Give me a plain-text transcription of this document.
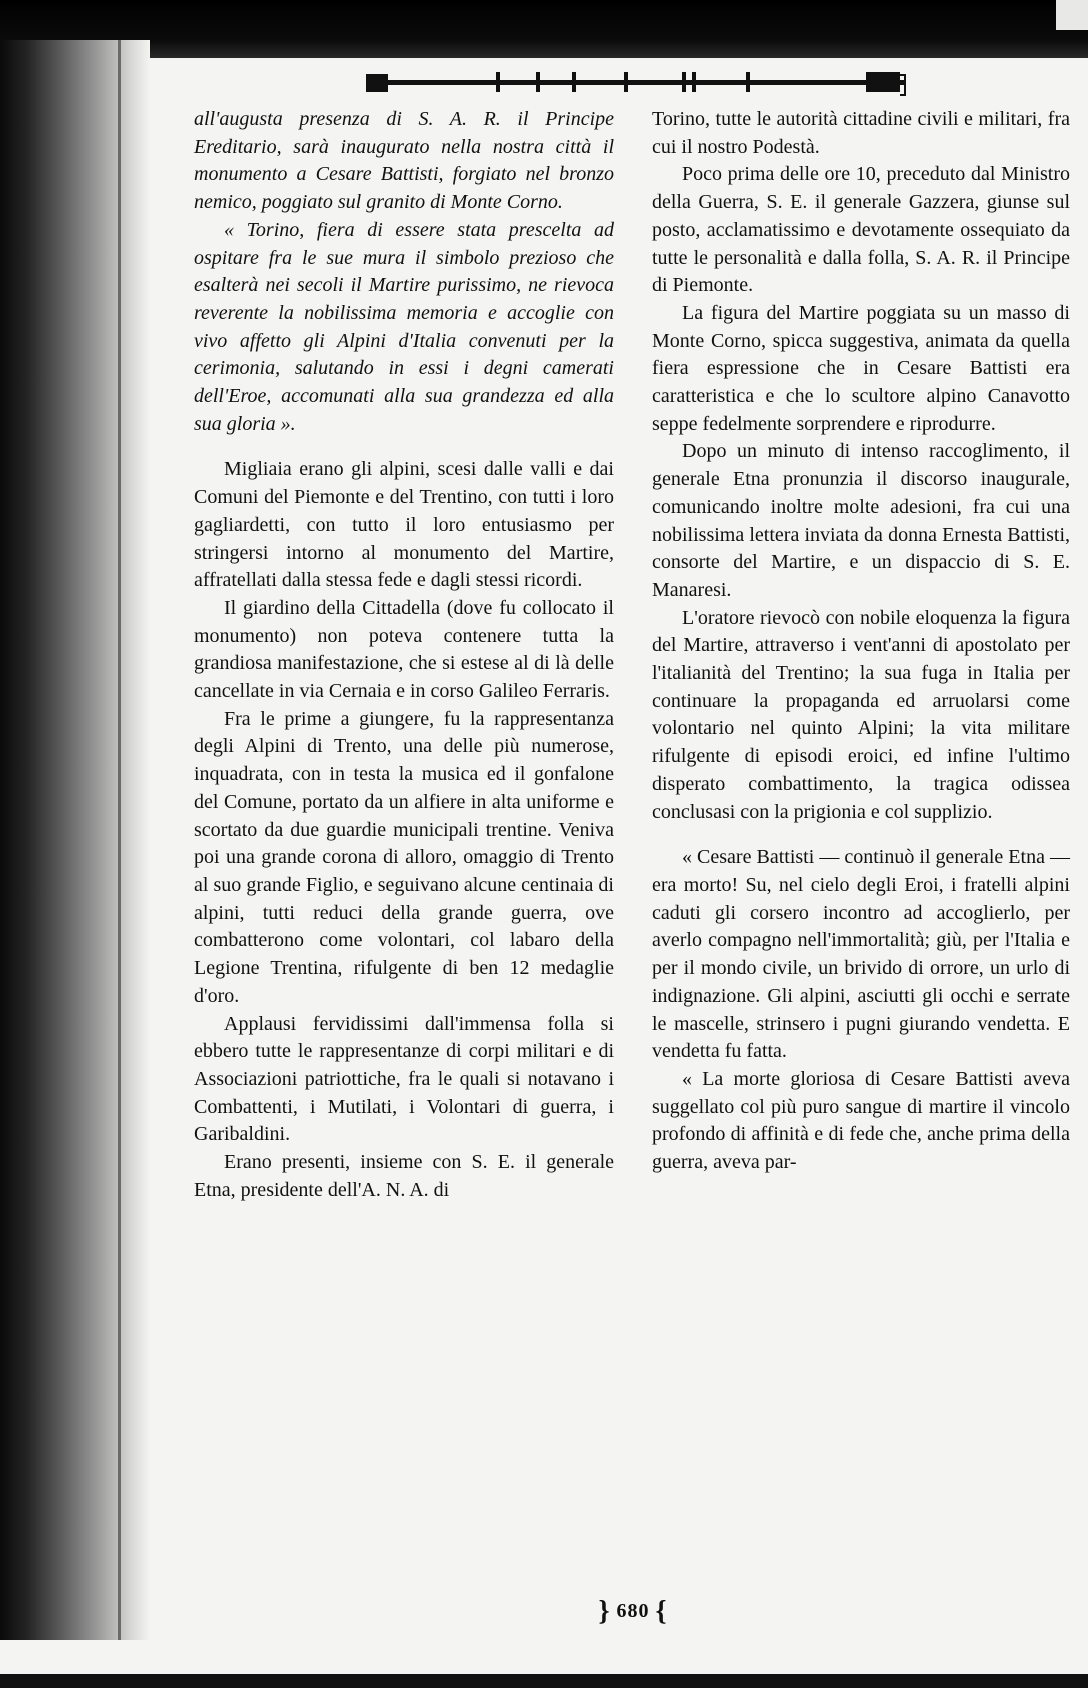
all'augusta presenza di S. A. R. il Principe Ereditario, sarà inaugurato nella nostra città il monumento a Cesare Battisti, forgiato nel bronzo nemico, poggiato sul granito di Monte Corno.

« Torino, fiera di essere stata prescelta ad ospitare fra le sue mura il simbolo prezioso che esalterà nei secoli il Martire purissimo, ne rievoca reverente la nobilissima memoria e accoglie con vivo affetto gli Alpini d'Italia convenuti per la cerimonia, salutando in essi i degni camerati dell'Eroe, accomunati alla sua grandezza ed alla sua gloria ».

Migliaia erano gli alpini, scesi dalle valli e dai Comuni del Piemonte e del Trentino, con tutti i loro gagliardetti, con tutto il loro entusiasmo per stringersi intorno al monumento del Martire, affratellati dalla stessa fede e dagli stessi ricordi.

Il giardino della Cittadella (dove fu collocato il monumento) non poteva contenere tutta la grandiosa manifestazione, che si estese al di là delle cancellate in via Cernaia e in corso Galileo Ferraris.

Fra le prime a giungere, fu la rappresentanza degli Alpini di Trento, una delle più numerose, inquadrata, con in testa la musica ed il gonfalone del Comune, portato da un alfiere in alta uniforme e scortato da due guardie municipali trentine. Veniva poi una grande corona di alloro, omaggio di Trento al suo grande Figlio, e seguivano alcune centinaia di alpini, tutti reduci della grande guerra, ove combatterono come volontari, col labaro della Legione Trentina, rifulgente di ben 12 medaglie d'oro.

Applausi fervidissimi dall'immensa folla si ebbero tutte le rappresentanze di corpi militari e di Associazioni patriottiche, fra le quali si notavano i Combattenti, i Mutilati, i Volontari di guerra, i Garibaldini.

Erano presenti, insieme con S. E. il generale Etna, presidente dell'A. N. A. di

Torino, tutte le autorità cittadine civili e militari, fra cui il nostro Podestà.

Poco prima delle ore 10, preceduto dal Ministro della Guerra, S. E. il generale Gazzera, giunse sul posto, acclamatissimo e devotamente ossequiato da tutte le personalità e dalla folla, S. A. R. il Principe di Piemonte.

La figura del Martire poggiata su un masso di Monte Corno, spicca suggestiva, animata da quella fiera espressione che in Cesare Battisti era caratteristica e che lo scultore alpino Canavotto seppe fedelmente sorprendere e riprodurre.

Dopo un minuto di intenso raccoglimento, il generale Etna pronunzia il discorso inaugurale, comunicando inoltre molte adesioni, fra cui una nobilissima lettera inviata da donna Ernesta Battisti, consorte del Martire, e un dispaccio di S. E. Manaresi.

L'oratore rievocò con nobile eloquenza la figura del Martire, attraverso i vent'anni di apostolato per l'italianità del Trentino; la sua fuga in Italia per continuare la propaganda ed arruolarsi come volontario nel quinto Alpini; la vita militare rifulgente di episodi eroici, ed infine l'ultimo disperato combattimento, la tragica odissea conclusasi con la prigionia e col supplizio.

« Cesare Battisti — continuò il generale Etna — era morto! Su, nel cielo degli Eroi, i fratelli alpini caduti gli corsero incontro ad accoglierlo, per averlo compagno nell'immortalità; giù, per l'Italia e per il mondo civile, un brivido di orrore, un urlo di indignazione. Gli alpini, asciutti gli occhi e serrate le mascelle, strinsero i pugni giurando vendetta. E vendetta fu fatta.

« La morte gloriosa di Cesare Battisti aveva suggellato col più puro sangue di martire il vincolo profondo di affinità e di fede che, anche prima della guerra, aveva par-

} 680 {
